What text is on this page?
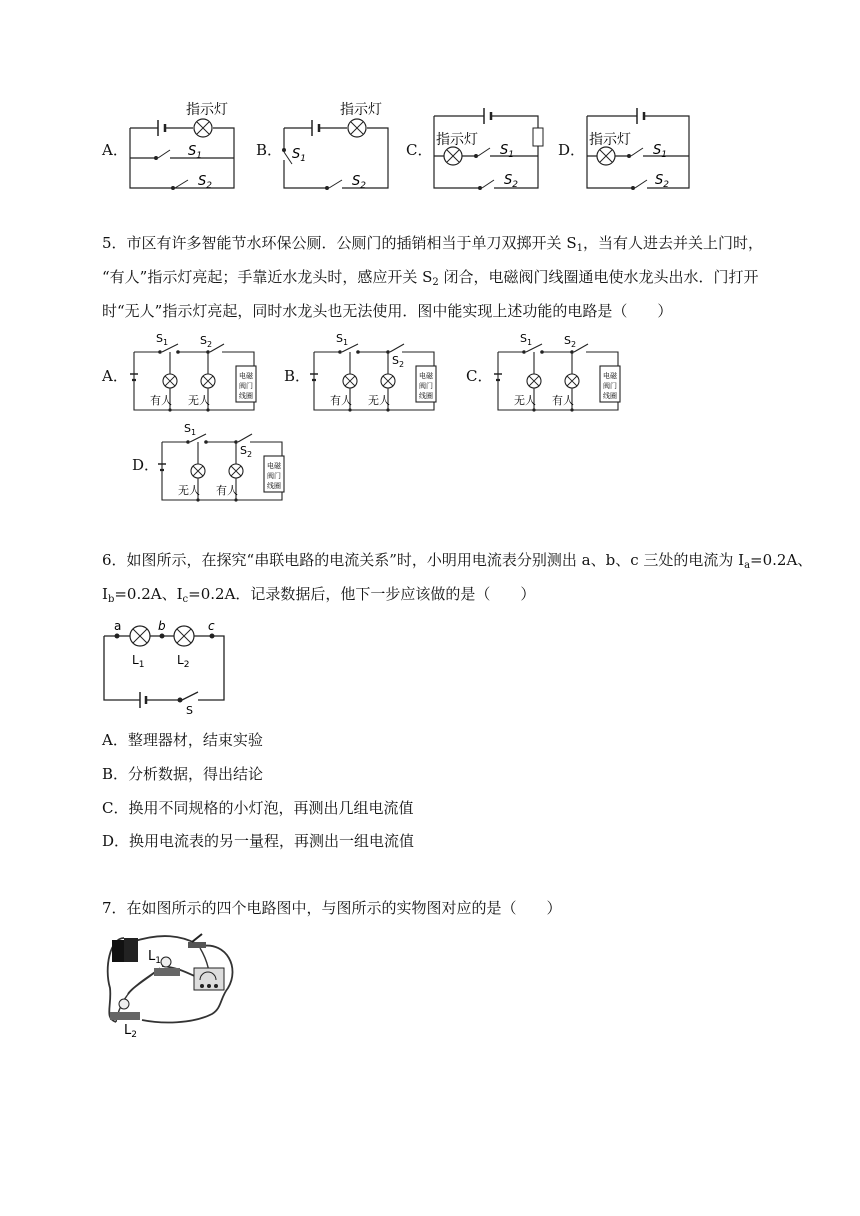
A．
指示灯
$S_1$
$S_2$
B．
指示灯
$S_1$
$S_2$
C．
指示灯
$S_1$
$S_2$
D．
指示灯
$S_1$
$S_2$
5．市区有许多智能节水环保公厕．公厕门的插销相当于单刀双掷开关 $S_1$，当有人进去并关上门时，
“有人”指示灯亮起；手靠近水龙头时，感应开关 $S_2$ 闭合，电磁阀门线圈通电使水龙头出水．门打开
时“无人”指示灯亮起，同时水龙头也无法使用．图中能实现上述功能的电路是（　　）
A．
$S_1$	$S_2$
电磁
阀门
线圈
有人 无人
B．
$S_1$
$S_2$
电磁
阀门
线圈
有人 无人
C．
$S_1$	$S_2$
电磁
阀门
线圈
无人 有人
D．
$S_1$
$S_2$
电磁
阀门
线圈
无人 有人
6．如图所示，在探究“串联电路的电流关系”时，小明用电流表分别测出 a、b、c 三处的电流为 $I_a=0.2A$、
$I_b=0.2A$、$I_c=0.2A$．记录数据后，他下一步应该做的是（　　）
a	b	c
$L_1$	$L_2$
S
A．整理器材，结束实验
B．分析数据，得出结论
C．换用不同规格的小灯泡，再测出几组电流值
D．换用电流表的另一量程，再测出一组电流值
7．在如图所示的四个电路图中，与图所示的实物图对应的是（　　）
$L_1$
$L_2$
